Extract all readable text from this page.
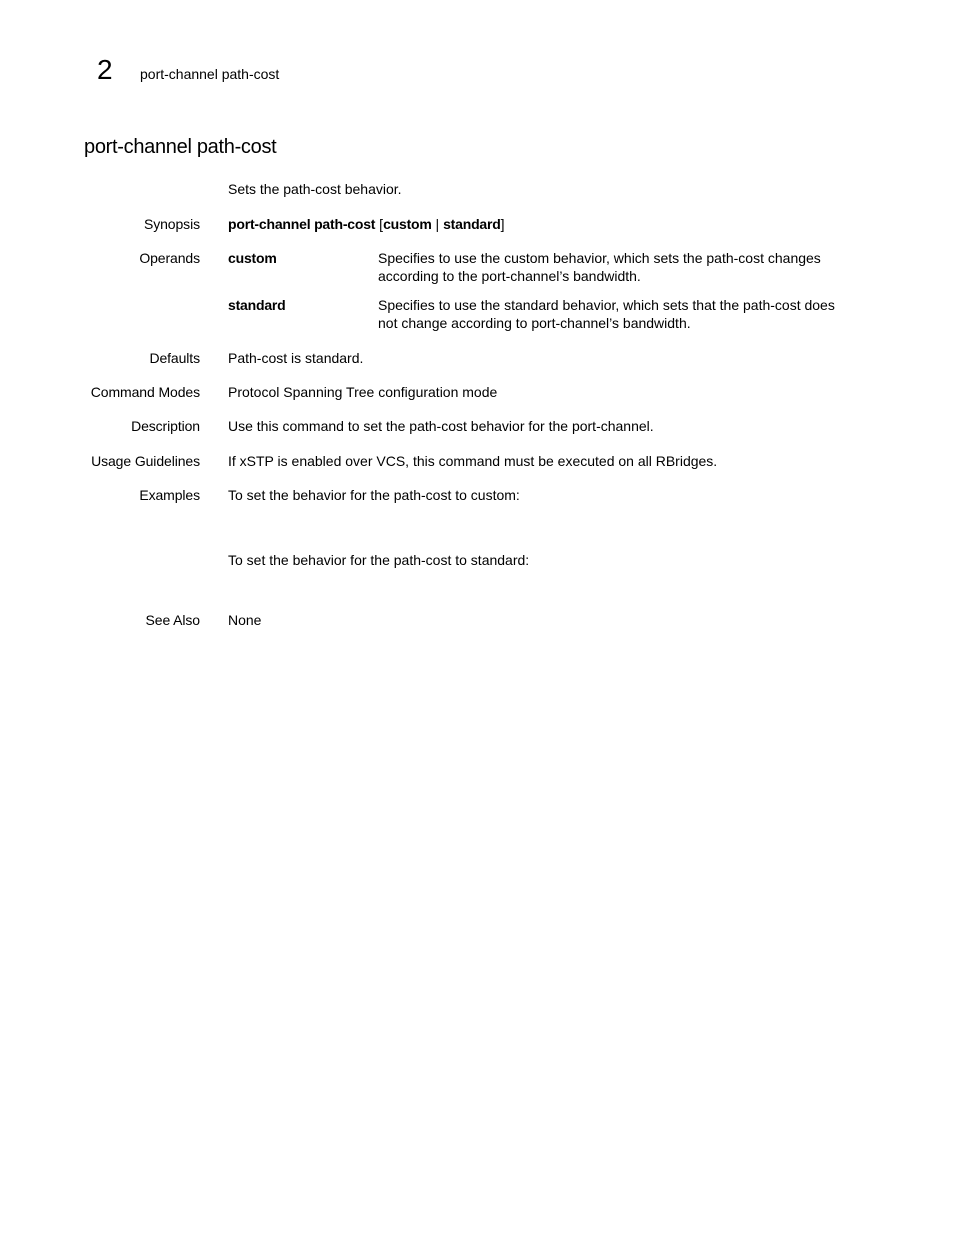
2 port-channel path-cost
port-channel path-cost
Sets the path-cost behavior.
Synopsis port-channel path-cost [custom | standard]
Operands custom	Specifies to use the custom behavior, which sets the path-cost changes
according to the port-channel’s bandwidth.
standard	Specifies to use the standard behavior, which sets that the path-cost does
not change according to port-channel’s bandwidth.
Defaults Path-cost is standard.
Command Modes Protocol Spanning Tree configuration mode
Description Use this command to set the path-cost behavior for the port-channel.
Usage Guidelines If xSTP is enabled over VCS, this command must be executed on all RBridges.
Examples To set the behavior for the path-cost to custom:
To set the behavior for the path-cost to standard:
See Also None
